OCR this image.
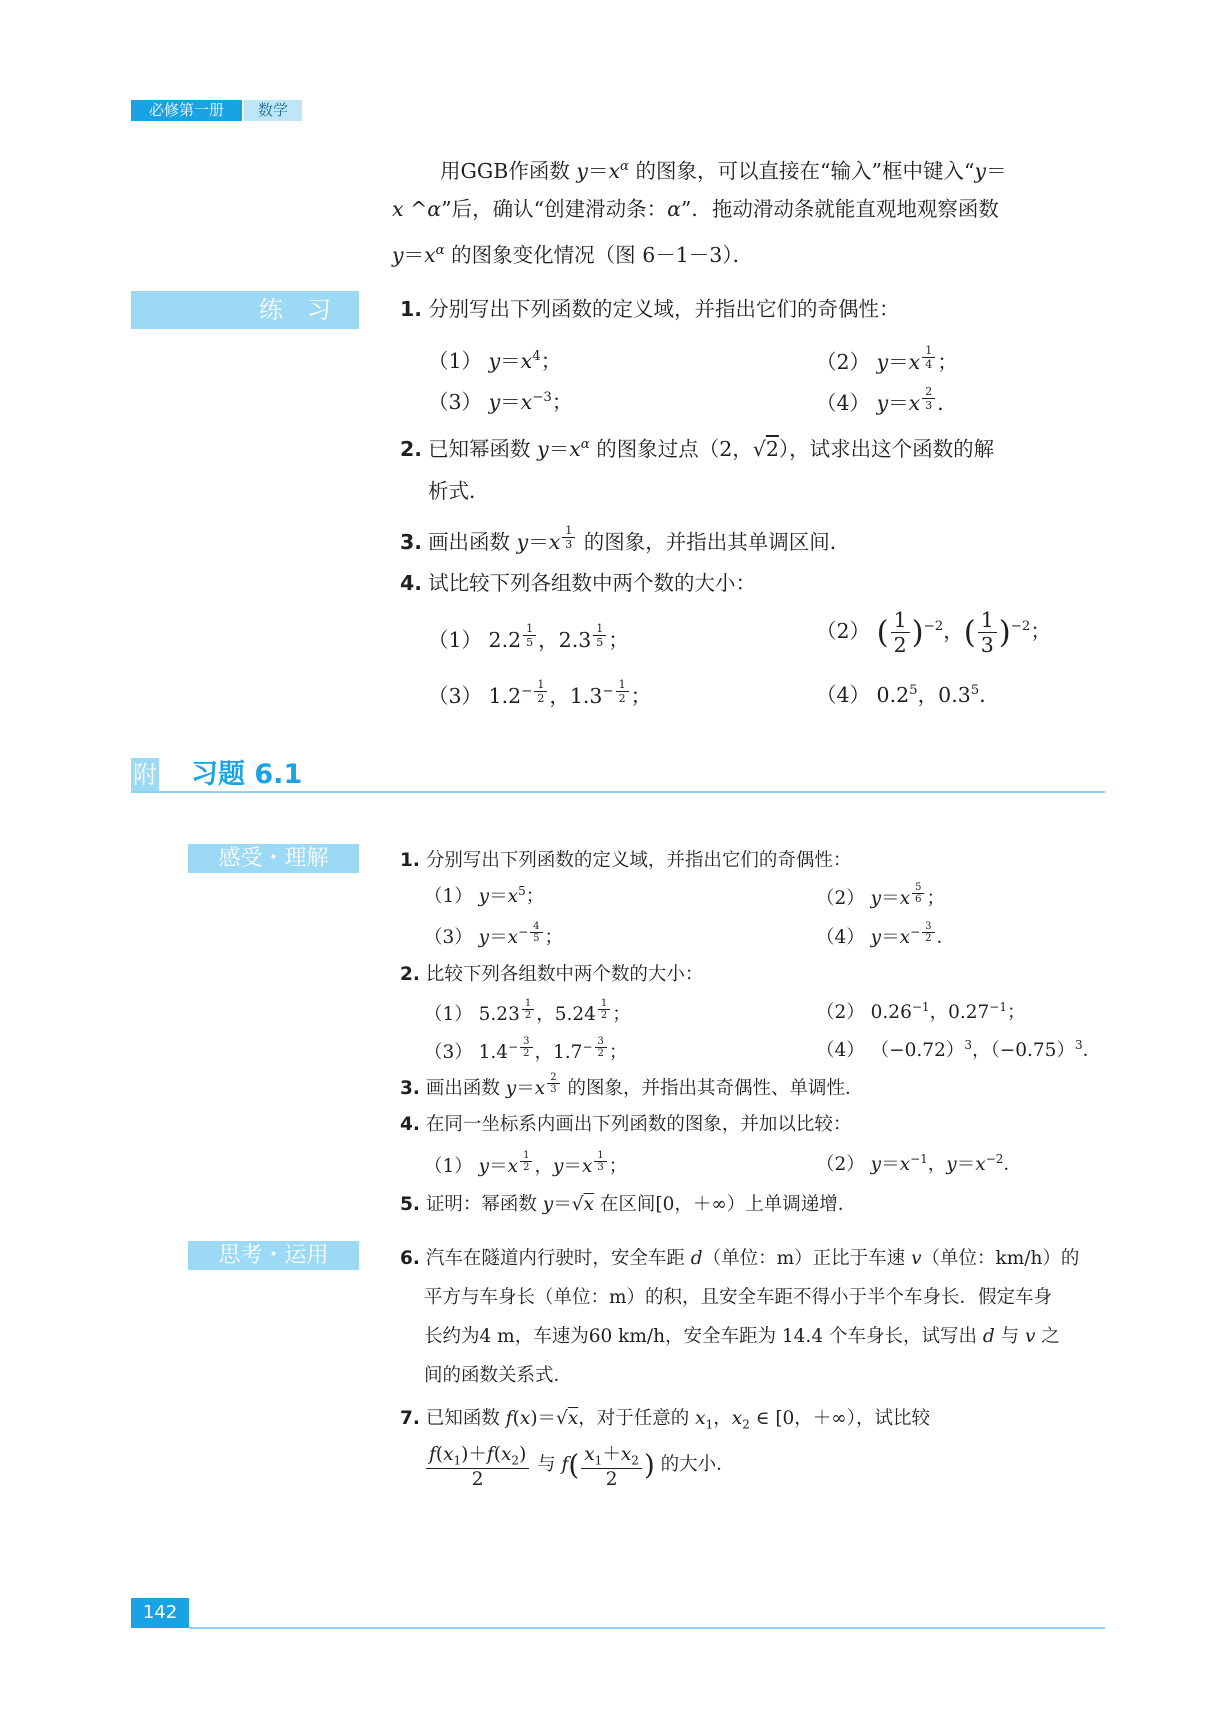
必修第一册	数学
用GGB作函数 $y=x^\alpha$ 的图象，可以直接在“输入”框中键入“y＝
x ^α”后，确认“创建滑动条：α”．拖动滑动条就能直观地观察函数
$y=x^\alpha$ 的图象变化情况（图 6－1－3）．
练　习	1. 分别写出下列函数的定义域，并指出它们的奇偶性：
（1） $y=x^4$；	（2） y＝x $^{\frac{1}{4}}$ ；
（3） $y=x^{-3}$；	（4） y＝x $^{\frac{2}{3}}$ ．
2. 已知幂函数 $y=x^\alpha$ 的图象过点（2，√2），试求出这个函数的解
析式．
3. 画出函数 y＝x $^{\frac{1}{3}}$ 的图象，并指出其单调区间．
4. 试比较下列各组数中两个数的大小：
（1） 2.2 $^{\frac{1}{5}}$ ，2.3 $^{\frac{1}{5}}$ ；	（2） ( $\frac{1}{2} )^{-2}$，( $\frac{1}{3} )^{-2}$；
（3） $1.2^{- \frac{1}{2}}$ ，$1.3^{- \frac{1}{2}}$ ；	（4） $0.2^5$，$0.3^5$．
附 习题 6.1
感受・理解	1. 分别写出下列函数的定义域，并指出它们的奇偶性：
（1） $y=x^5$；	（2） y＝x $^{\frac{5}{6}}$ ；
（3） $y=x^{- \frac{4}{5}}$ ；	（4） $y=x^{- \frac{3}{2}}$ ．
2. 比较下列各组数中两个数的大小：
（1） 5.23 $^{\frac{1}{2}}$ ，5.24 $^{\frac{1}{2}}$ ；	（2） $0.26^{-1}$，$0.27^{-1}$；
（3） $1.4^{- \frac{3}{2}}$ ，$1.7^{- \frac{3}{2}}$ ；	（4） $(-0.72)^3$，$(-0.75)^3$．
3. 画出函数 y＝x $^{\frac{2}{3}}$ 的图象，并指出其奇偶性、单调性．
4. 在同一坐标系内画出下列函数的图象，并加以比较：
（1） y＝x $^{\frac{1}{2}}$ ，y＝x $^{\frac{1}{3}}$ ；	（2） $y=x^{-1}$，$y=x^{-2}$．
5. 证明：幂函数 y＝√x 在区间[0，＋∞）上单调递增．
思考・运用	6. 汽车在隧道内行驶时，安全车距 d（单位：m）正比于车速 v（单位：km/h）的
平方与车身长（单位：m）的积，且安全车距不得小于半个车身长．假定车身
长约为4 m，车速为60 km/h，安全车距为 14.4 个车身长，试写出 d 与 v 之
间的函数关系式．
7. 已知函数 f(x)＝√x，对于任意的 $x_1$，$x_2$ ∈ [0，＋∞），试比较
$\frac{f(x_1)+f(x_2)}{2}$ 与 $f( \frac{x_1+x_2}{2}$ ) 的大小．
142
